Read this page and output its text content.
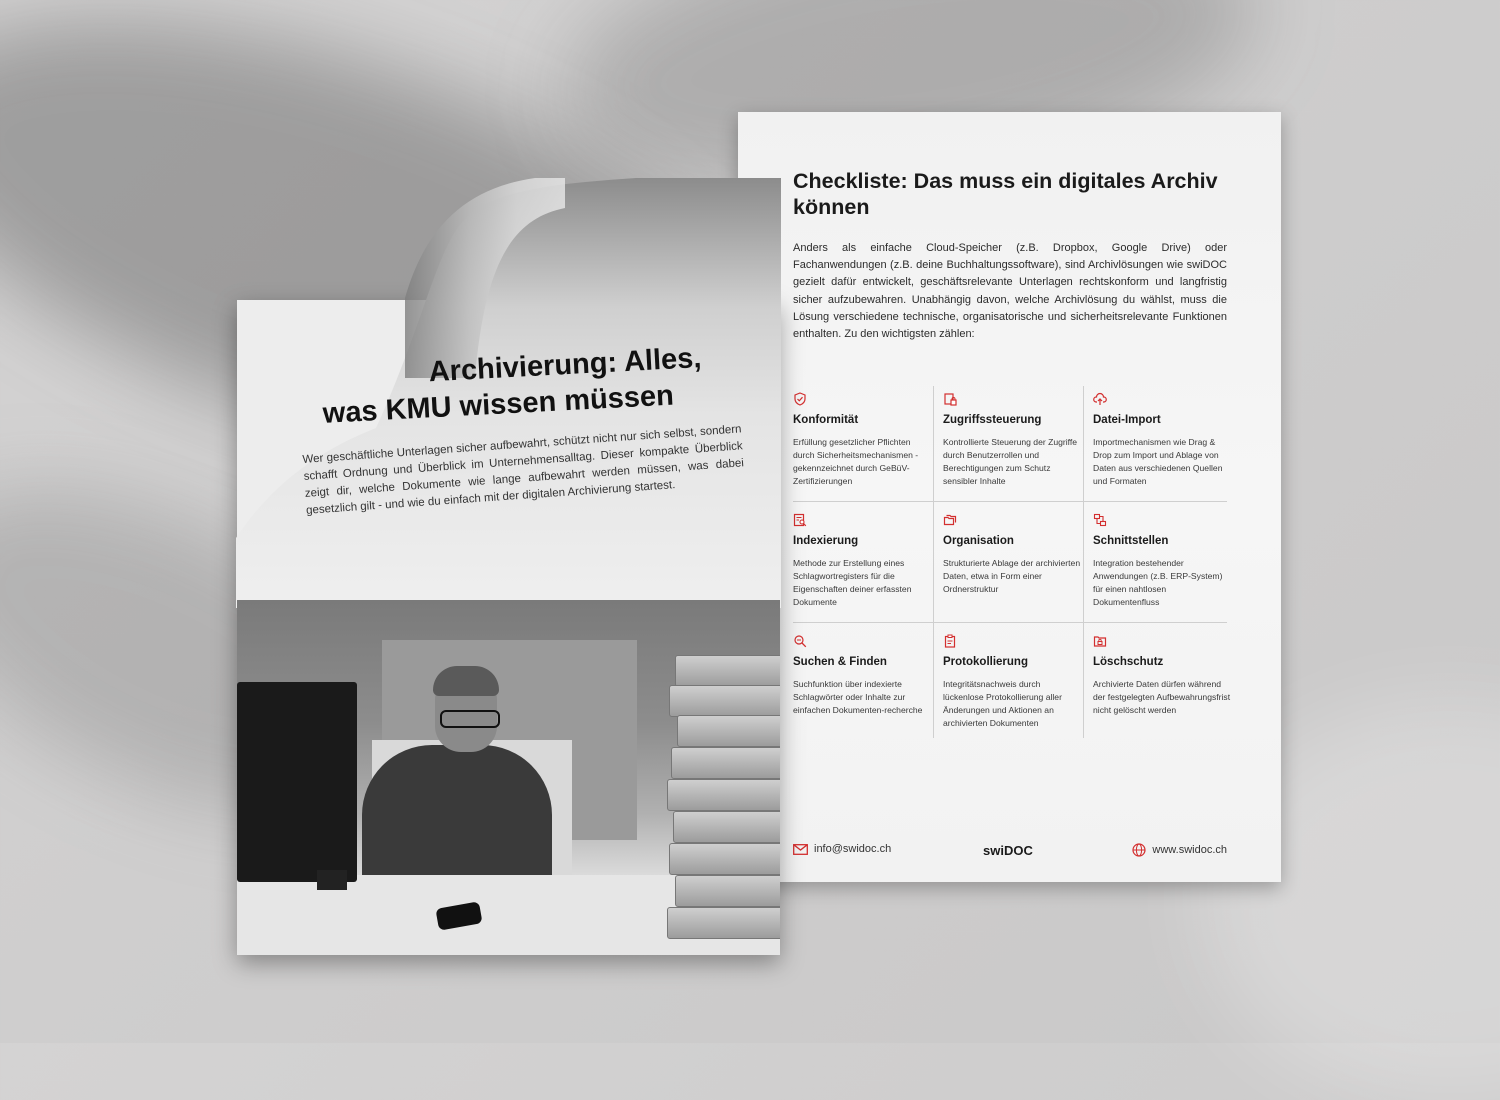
Checkliste: Das muss ein digitales Archiv können
Anders als einfache Cloud-Speicher (z.B. Dropbox, Google Drive) oder Fachanwendungen (z.B. deine Buchhaltungssoftware), sind Archivlösungen wie swiDOC gezielt dafür entwickelt, geschäftsrelevante Unterlagen rechtskonform und langfristig sicher aufzubewahren. Unabhängig davon, welche Archivlösung du wählst, muss die Lösung verschiedene technische, organisatorische und sicherheitsrelevante Funktionen enthalten. Zu den wichtigsten zählen:
Konformität
Erfüllung gesetzlicher Pflichten durch Sicherheitsmechanismen - gekennzeichnet durch GeBüV-Zertifizierungen
Zugriffssteuerung
Kontrollierte Steuerung der Zugriffe durch Benutzerrollen und Berechtigungen zum Schutz sensibler Inhalte
Datei-Import
Importmechanismen wie Drag & Drop zum Import und Ablage von Daten aus verschiedenen Quellen und Formaten
Indexierung
Methode zur Erstellung eines Schlagwortregisters für die Eigenschaften deiner erfassten Dokumente
Organisation
Strukturierte Ablage der archivierten Daten, etwa in Form einer Ordnerstruktur
Schnittstellen
Integration bestehender Anwendungen (z.B. ERP-System) für einen nahtlosen Dokumentenfluss
Suchen & Finden
Suchfunktion über indexierte Schlagwörter oder Inhalte zur einfachen Dokumenten-recherche
Protokollierung
Integritätsnachweis durch lückenlose Protokollierung aller Änderungen und Aktionen an archivierten Dokumenten
Löschschutz
Archivierte Daten dürfen während der festgelegten Aufbewahrungsfrist nicht gelöscht werden
info@swidoc.ch	swiDOC	www.swidoc.ch
Archivierung: Alles,
was KMU wissen müssen
Wer geschäftliche Unterlagen sicher aufbewahrt, schützt nicht nur sich selbst, sondern schafft Ordnung und Überblick im Unternehmensalltag. Dieser kompakte Überblick zeigt dir, welche Dokumente wie lange aufbewahrt werden müssen, was dabei gesetzlich gilt - und wie du einfach mit der digitalen Archivierung startest.
